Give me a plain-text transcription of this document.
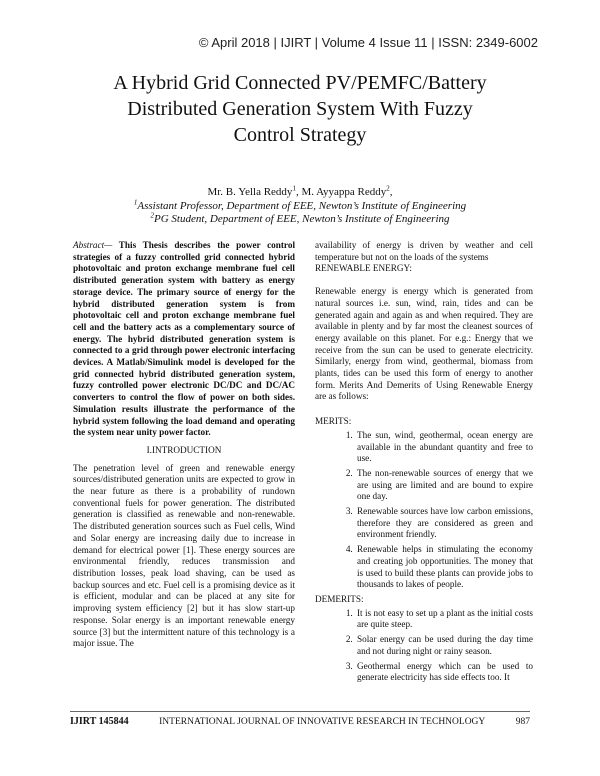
© April 2018 | IJIRT | Volume 4 Issue 11 | ISSN: 2349-6002
A Hybrid Grid Connected PV/PEMFC/Battery
Distributed Generation System With Fuzzy
Control Strategy
Mr. B. Yella Reddy$^1$, M. Ayyappa Reddy$^2$,
$^1$Assistant Professor, Department of EEE, Newton’s Institute of Engineering
$^2$PG Student, Department of EEE, Newton’s Institute of Engineering

Abstract— This Thesis describes the power control strategies of a fuzzy controlled grid connected hybrid photovoltaic and proton exchange membrane fuel cell distributed generation system with battery as energy storage device. The primary source of energy for the hybrid distributed generation system is from photovoltaic cell and proton exchange membrane fuel cell and the battery acts as a complementary source of energy. The hybrid distributed generation system is connected to a grid through power electronic interfacing devices. A Matlab/Simulink model is developed for the grid connected hybrid distributed generation system, fuzzy controlled power electronic DC/DC and DC/AC converters to control the flow of power on both sides. Simulation results illustrate the performance of the hybrid system following the load demand and operating the system near unity power factor.

I.INTRODUCTION

The penetration level of green and renewable energy sources/distributed generation units are expected to grow in the near future as there is a probability of rundown conventional fuels for power generation. The distributed generation is classified as renewable and non-renewable. The distributed generation sources such as Fuel cells, Wind and Solar energy are increasing daily due to increase in demand for electrical power [1]. These energy sources are environmental friendly, reduces transmission and distribution losses, peak load shaving, can be used as backup sources and etc. Fuel cell is a promising device as it is efficient, modular and can be placed at any site for improving system efficiency [2] but it has slow start-up response. Solar energy is an important renewable energy source [3] but the intermittent nature of this technology is a major issue. The

availability of energy is driven by weather and cell temperature but not on the loads of the systems

RENEWABLE ENERGY:

Renewable energy is energy which is generated from natural sources i.e. sun, wind, rain, tides and can be generated again and again as and when required. They are available in plenty and by far most the cleanest sources of energy available on this planet. For e.g.: Energy that we receive from the sun can be used to generate electricity. Similarly, energy from wind, geothermal, biomass from plants, tides can be used this form of energy to another form. Merits And Demerits of Using Renewable Energy are as follows:

MERITS:
1. The sun, wind, geothermal, ocean energy are available in the abundant quantity and free to use.
2. The non-renewable sources of energy that we are using are limited and are bound to expire one day.
3. Renewable sources have low carbon emissions, therefore they are considered as green and environment friendly.
4. Renewable helps in stimulating the economy and creating job opportunities. The money that is used to build these plants can provide jobs to thousands to lakes of people.
DEMERITS:
1. It is not easy to set up a plant as the initial costs are quite steep.
2. Solar energy can be used during the day time and not during night or rainy season.
3. Geothermal energy which can be used to generate electricity has side effects too. It
IJIRT 145844	INTERNATIONAL JOURNAL OF INNOVATIVE RESEARCH IN TECHNOLOGY	987
